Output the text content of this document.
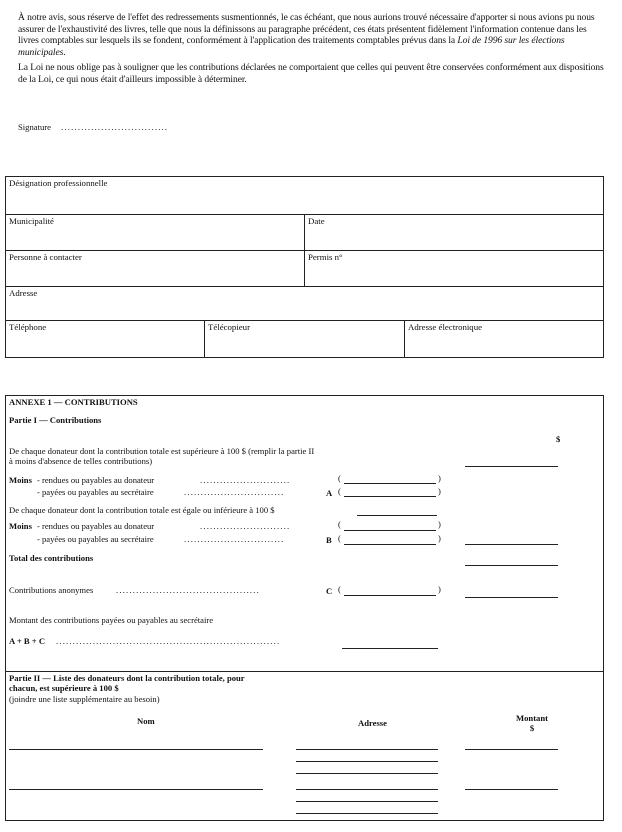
À notre avis, sous réserve de l'effet des redressements susmentionnés, le cas échéant, que nous aurions trouvé nécessaire d'apporter si nous avions pu nous assurer de l'exhaustivité des livres, telle que nous la définissons au paragraphe précédent, ces états présentent fidèlement l'information contenue dans les livres comptables sur lesquels ils se fondent, conformément à l'application des traitements comptables prévus dans la Loi de 1996 sur les élections municipales.
La Loi ne nous oblige pas à souligner que les contributions déclarées ne comportaient que celles qui peuvent être conservées conformément aux dispositions de la Loi, ce qui nous était d'ailleurs impossible à déterminer.
Signature ................................
Désignation professionnelle
Municipalité	Date
Personne à contacter	Permis n°
Adresse
Téléphone	Télécopieur	Adresse électronique
ANNEXE 1 — CONTRIBUTIONS
Partie I — Contributions
$
De chaque donateur dont la contribution totale est supérieure à 100 $ (remplir la partie II
à moins d'absence de telles contributions)
Moins - rendues ou payables au donateur	...........................	(	)
- payées ou payables au secrétaire	..............................	A (	)
De chaque donateur dont la contribution totale est égale ou inférieure à 100 $
Moins - rendues ou payables au donateur	...........................	(	)
- payées ou payables au secrétaire	..............................	B (	)
Total des contributions
Contributions anonymes	...........................................	C (	)
Montant des contributions payées ou payables au secrétaire
A + B + C ...................................................................
Partie II — Liste des donateurs dont la contribution totale, pour
chacun, est supérieure à 100 $
(joindre une liste supplémentaire au besoin)
Nom	Adresse	Montant
$
